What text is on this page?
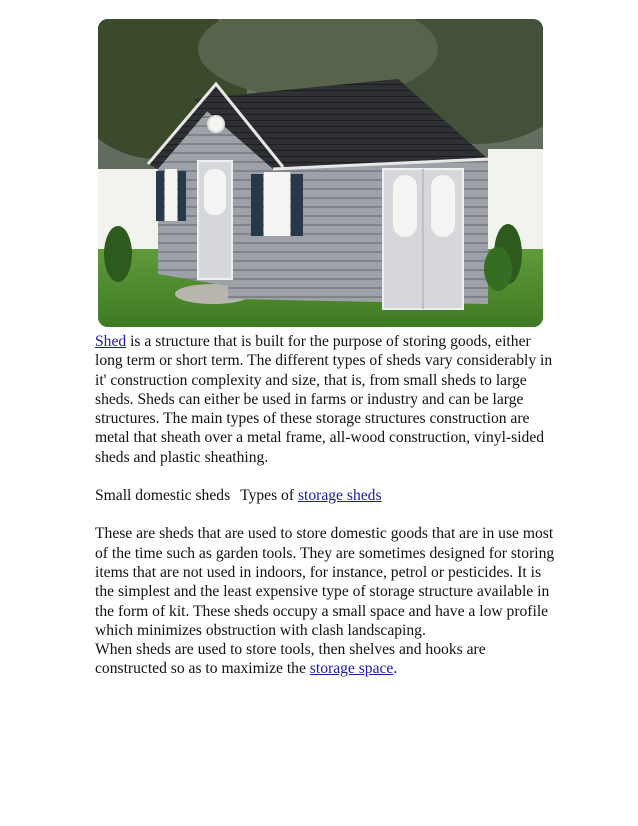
Shed is a structure that is built for the purpose of storing goods, either long term or short term. The different types of sheds vary considerably in it' construction complexity and size, that is, from small sheds to large sheds. Sheds can either be used in farms or industry and can be large structures. The main types of these storage structures construction are metal that sheath over a metal frame, all-wood construction, vinyl-sided sheds and plastic sheathing.

Small domestic sheds Types of storage sheds

These are sheds that are used to store domestic goods that are in use most of the time such as garden tools. They are sometimes designed for storing items that are not used in indoors, for instance, petrol or pesticides. It is the simplest and the least expensive type of storage structure available in the form of kit. These sheds occupy a small space and have a low profile which minimizes obstruction with clash landscaping.

When sheds are used to store tools, then shelves and hooks are constructed so as to maximize the storage space.
